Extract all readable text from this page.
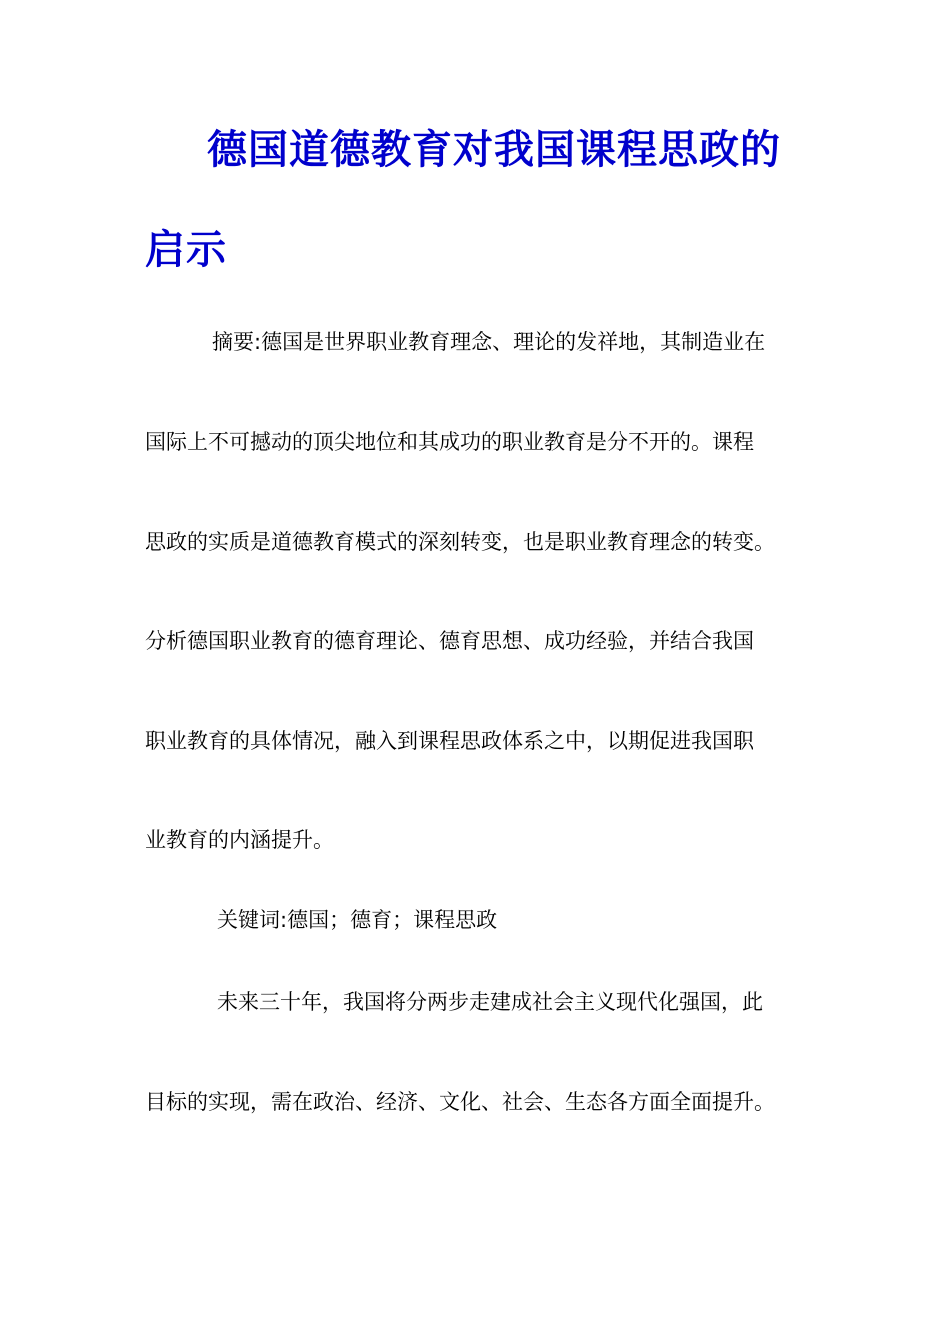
德国道德教育对我国课程思政的
启示
摘要:德国是世界职业教育理念、理论的发祥地，其制造业在
国际上不可撼动的顶尖地位和其成功的职业教育是分不开的。课程
思政的实质是道德教育模式的深刻转变，也是职业教育理念的转变。
分析德国职业教育的德育理论、德育思想、成功经验，并结合我国
职业教育的具体情况，融入到课程思政体系之中，以期促进我国职
业教育的内涵提升。
关键词:德国；德育；课程思政
未来三十年，我国将分两步走建成社会主义现代化强国，此
目标的实现，需在政治、经济、文化、社会、生态各方面全面提升。
